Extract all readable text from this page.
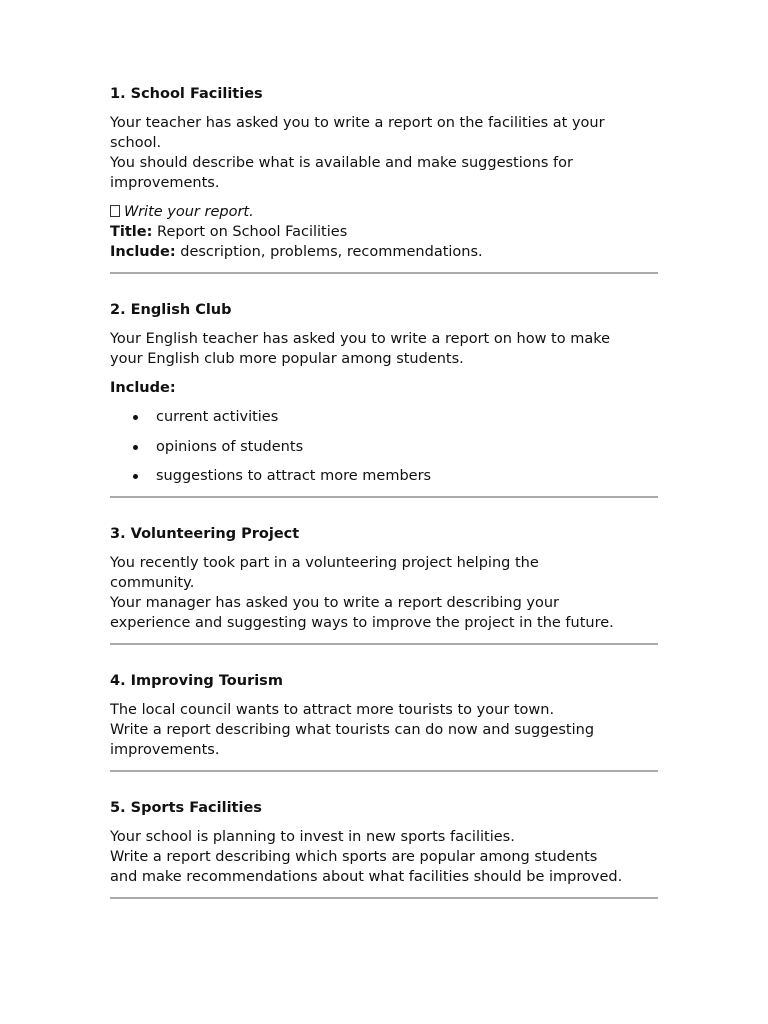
1. School Facilities
Your teacher has asked you to write a report on the facilities at your
school.
You should describe what is available and make suggestions for
improvements.
Write your report.
Title: Report on School Facilities
Include: description, problems, recommendations.
2. English Club
Your English teacher has asked you to write a report on how to make
your English club more popular among students.
Include:
current activities
opinions of students
suggestions to attract more members
3. Volunteering Project
You recently took part in a volunteering project helping the
community.
Your manager has asked you to write a report describing your
experience and suggesting ways to improve the project in the future.
4. Improving Tourism
The local council wants to attract more tourists to your town.
Write a report describing what tourists can do now and suggesting
improvements.
5. Sports Facilities
Your school is planning to invest in new sports facilities.
Write a report describing which sports are popular among students
and make recommendations about what facilities should be improved.
